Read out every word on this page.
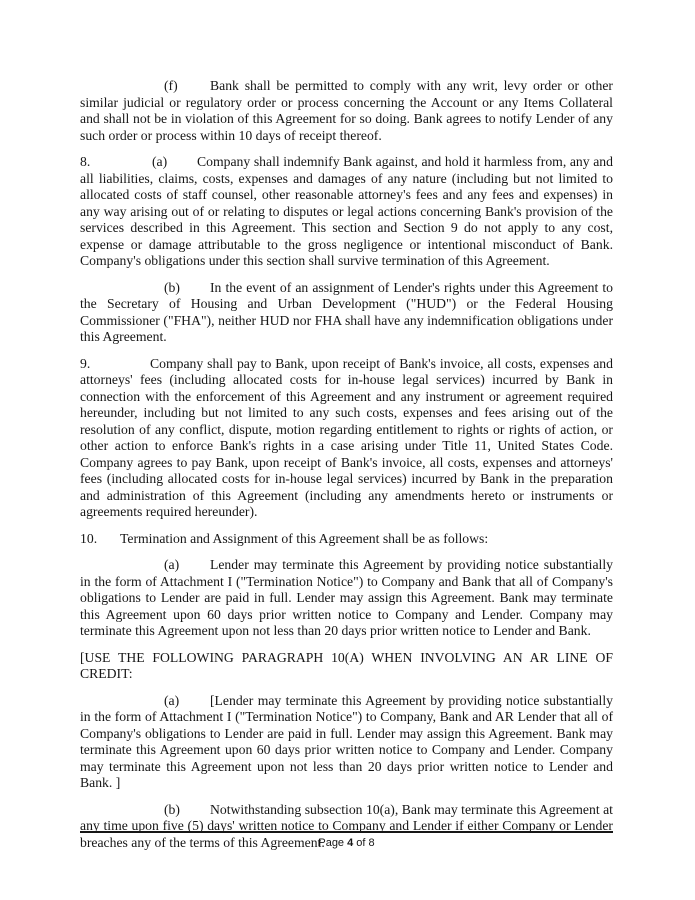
(f) Bank shall be permitted to comply with any writ, levy order or other similar judicial or regulatory order or process concerning the Account or any Items Collateral and shall not be in violation of this Agreement for so doing. Bank agrees to notify Lender of any such order or process within 10 days of receipt thereof.

8.	(a) Company shall indemnify Bank against, and hold it harmless from, any and all liabilities, claims, costs, expenses and damages of any nature (including but not limited to allocated costs of staff counsel, other reasonable attorney's fees and any fees and expenses) in any way arising out of or relating to disputes or legal actions concerning Bank's provision of the services described in this Agreement. This section and Section 9 do not apply to any cost, expense or damage attributable to the gross negligence or intentional misconduct of Bank. Company's obligations under this section shall survive termination of this Agreement.

(b) In the event of an assignment of Lender's rights under this Agreement to the Secretary of Housing and Urban Development ("HUD") or the Federal Housing Commissioner ("FHA"), neither HUD nor FHA shall have any indemnification obligations under this Agreement.

9.	Company shall pay to Bank, upon receipt of Bank's invoice, all costs, expenses and attorneys' fees (including allocated costs for in-house legal services) incurred by Bank in connection with the enforcement of this Agreement and any instrument or agreement required hereunder, including but not limited to any such costs, expenses and fees arising out of the resolution of any conflict, dispute, motion regarding entitlement to rights or rights of action, or other action to enforce Bank's rights in a case arising under Title 11, United States Code. Company agrees to pay Bank, upon receipt of Bank's invoice, all costs, expenses and attorneys' fees (including allocated costs for in-house legal services) incurred by Bank in the preparation and administration of this Agreement (including any amendments hereto or instruments or agreements required hereunder).

10. Termination and Assignment of this Agreement shall be as follows:

(a) Lender may terminate this Agreement by providing notice substantially in the form of Attachment I ("Termination Notice") to Company and Bank that all of Company's obligations to Lender are paid in full. Lender may assign this Agreement. Bank may terminate this Agreement upon 60 days prior written notice to Company and Lender. Company may terminate this Agreement upon not less than 20 days prior written notice to Lender and Bank.

[USE THE FOLLOWING PARAGRAPH 10(A) WHEN INVOLVING AN AR LINE OF CREDIT:

(a) [Lender may terminate this Agreement by providing notice substantially in the form of Attachment I ("Termination Notice") to Company, Bank and AR Lender that all of Company's obligations to Lender are paid in full. Lender may assign this Agreement. Bank may terminate this Agreement upon 60 days prior written notice to Company and Lender. Company may terminate this Agreement upon not less than 20 days prior written notice to Lender and Bank. ]

(b) Notwithstanding subsection 10(a), Bank may terminate this Agreement at any time upon five (5) days' written notice to Company and Lender if either Company or Lender breaches any of the terms of this Agreement.

Page 4 of 8
